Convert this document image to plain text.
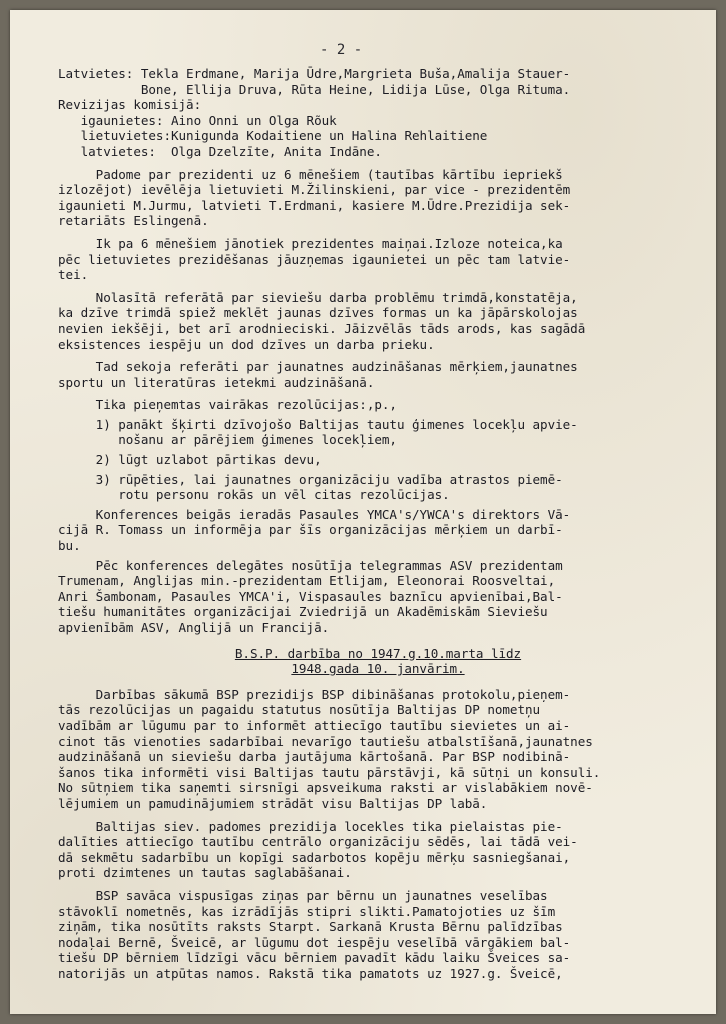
- 2 -
Latvietes: Tekla Erdmane, Marija Ūdre,Margrieta Buša,Amalija Stauer-
Bone, Ellija Druva, Rūta Heine, Lidija Lūse, Olga Rituma.
Revizijas komisijā:
igaunietes: Aino Onni un Olga Rõuk
lietuvietes:Kunigunda Kodaitiene un Halina Rehlaitiene
latvietes:  Olga Dzelzīte, Anita Indāne.
Padome par prezidenti uz 6 mēnešiem (tautības kārtību iepriekš
izlozējot) ievēlēja lietuvieti M.Žilinskieni, par vice - prezidentēm
igaunieti M.Jurmu, latvieti T.Erdmani, kasiere M.Ūdre.Prezidija sek-
retariāts Eslingenā.
Ik pa 6 mēnešiem jānotiek prezidentes maiņai.Izloze noteica,ka
pēc lietuvietes prezidēšanas jāuzņemas igaunietei un pēc tam latvie-
tei.
Nolasītā referātā par sieviešu darba problēmu trimdā,konstatēja,
ka dzīve trimdā spiež meklēt jaunas dzīves formas un ka jāpārskolojas
nevien iekšēji, bet arī arodnieciski. Jāizvēlās tāds arods, kas sagādā
eksistences iespēju un dod dzīves un darba prieku.
Tad sekoja referāti par jaunatnes audzināšanas mērķiem,jaunatnes
sportu un literatūras ietekmi audzināšanā.
Tika pieņemtas vairākas rezolūcijas:,p.,
1) panākt šķirti dzīvojošo Baltijas tautu ģimenes locekļu apvie-
nošanu ar pārējiem ģimenes locekļiem,
2) lūgt uzlabot pārtikas devu,
3) rūpēties, lai jaunatnes organizāciju vadība atrastos piemē-
rotu personu rokās un vēl citas rezolūcijas.
Konferences beigās ieradās Pasaules YMCA's/YWCA's direktors Vā-
cijā R. Tomass un informēja par šīs organizācijas mērķiem un darbī-
bu.
Pēc konferences delegātes nosūtīja telegrammas ASV prezidentam
Trumenam, Anglijas min.-prezidentam Etlijam, Eleonorai Roosveltai,
Anri Šambonam, Pasaules YMCA'i, Vispasaules baznīcu apvienībai,Bal-
tiešu humanitātes organizācijai Zviedrijā un Akadēmiskām Sieviešu
apvienībām ASV, Anglijā un Francijā.
B.S.P. darbība no 1947.g.10.marta līdz
1948.gada 10. janvārim.
Darbības sākumā BSP prezidijs BSP dibināšanas protokolu,pieņem-
tās rezolūcijas un pagaidu statutus nosūtīja Baltijas DP nometņu
vadībām ar lūgumu par to informēt attiecīgo tautību sievietes un ai-
cinot tās vienoties sadarbībai nevarīgo tautiešu atbalstīšanā,jaunatnes
audzināšanā un sieviešu darba jautājuma kārtošanā. Par BSP nodibinā-
šanos tika informēti visi Baltijas tautu pārstāvji, kā sūtņi un konsuli.
No sūtņiem tika saņemti sirsnīgi apsveikuma raksti ar vislabākiem novē-
lējumiem un pamudinājumiem strādāt visu Baltijas DP labā.
Baltijas siev. padomes prezidija locekles tika pielaistas pie-
dalīties attiecīgo tautību centrālo organizāciju sēdēs, lai tādā vei-
dā sekmētu sadarbību un kopīgi sadarbotos kopēju mērķu sasniegšanai,
proti dzimtenes un tautas saglabāšanai.
BSP savāca vispusīgas ziņas par bērnu un jaunatnes veselības
stāvoklī nometnēs, kas izrādījās stipri slikti.Pamatojoties uz šīm
ziņām, tika nosūtīts raksts Starpt. Sarkanā Krusta Bērnu palīdzības
nodaļai Bernē, Šveicē, ar lūgumu dot iespēju veselībā vārgākiem bal-
tiešu DP bērniem līdzīgi vācu bērniem pavadīt kādu laiku Šveices sa-
natorijās un atpūtas namos. Rakstā tika pamatots uz 1927.g. Šveicē,
